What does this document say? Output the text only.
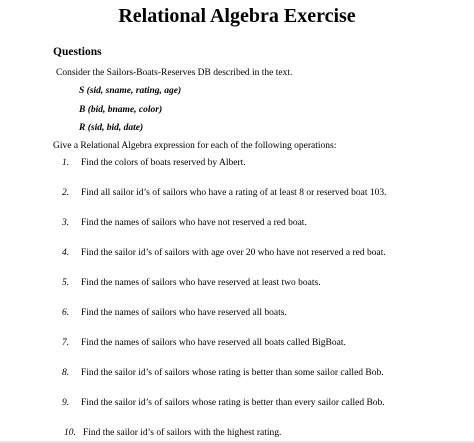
Relational Algebra Exercise
Questions
Consider the Sailors-Boats-Reserves DB described in the text.
S (sid, sname, rating, age)
B (bid, bname, color)
R (sid, bid, date)
Give a Relational Algebra expression for each of the following operations:
1. Find the colors of boats reserved by Albert.
2. Find all sailor id’s of sailors who have a rating of at least 8 or reserved boat 103.
3. Find the names of sailors who have not reserved a red boat.
4. Find the sailor id’s of sailors with age over 20 who have not reserved a red boat.
5. Find the names of sailors who have reserved at least two boats.
6. Find the names of sailors who have reserved all boats.
7. Find the names of sailors who have reserved all boats called BigBoat.
8. Find the sailor id’s of sailors whose rating is better than some sailor called Bob.
9. Find the sailor id’s of sailors whose rating is better than every sailor called Bob.
10. Find the sailor id’s of sailors with the highest rating.
